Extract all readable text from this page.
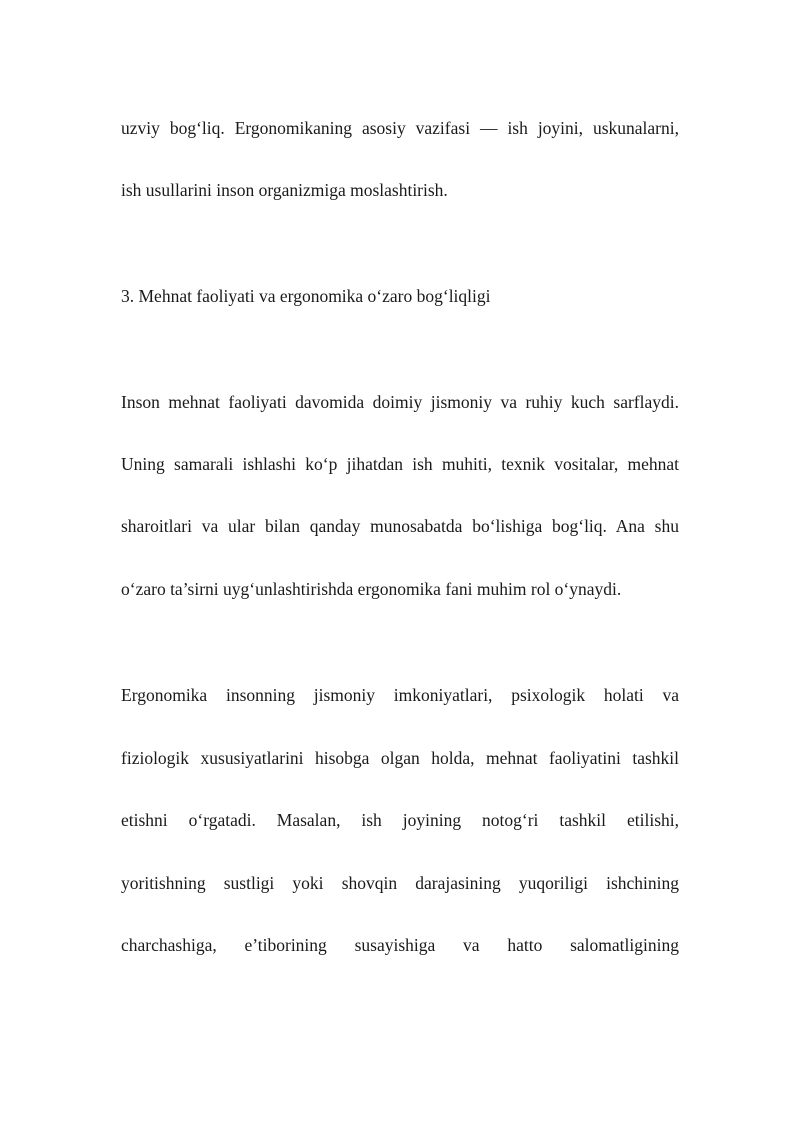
uzviy bog‘liq. Ergonomikaning asosiy vazifasi — ish joyini, uskunalarni,
ish usullarini inson organizmiga moslashtirish.
3. Mehnat faoliyati va ergonomika o‘zaro bog‘liqligi
Inson mehnat faoliyati davomida doimiy jismoniy va ruhiy kuch sarflaydi.
Uning samarali ishlashi ko‘p jihatdan ish muhiti, texnik vositalar, mehnat
sharoitlari va ular bilan qanday munosabatda bo‘lishiga bog‘liq. Ana shu
o‘zaro ta’sirni uyg‘unlashtirishda ergonomika fani muhim rol o‘ynaydi.
Ergonomika insonning jismoniy imkoniyatlari, psixologik holati va
fiziologik xususiyatlarini hisobga olgan holda, mehnat faoliyatini tashkil
etishni o‘rgatadi. Masalan, ish joyining notog‘ri tashkil etilishi,
yoritishning sustligi yoki shovqin darajasining yuqoriligi ishchining
charchashiga, e’tiborining susayishiga va hatto salomatligining
